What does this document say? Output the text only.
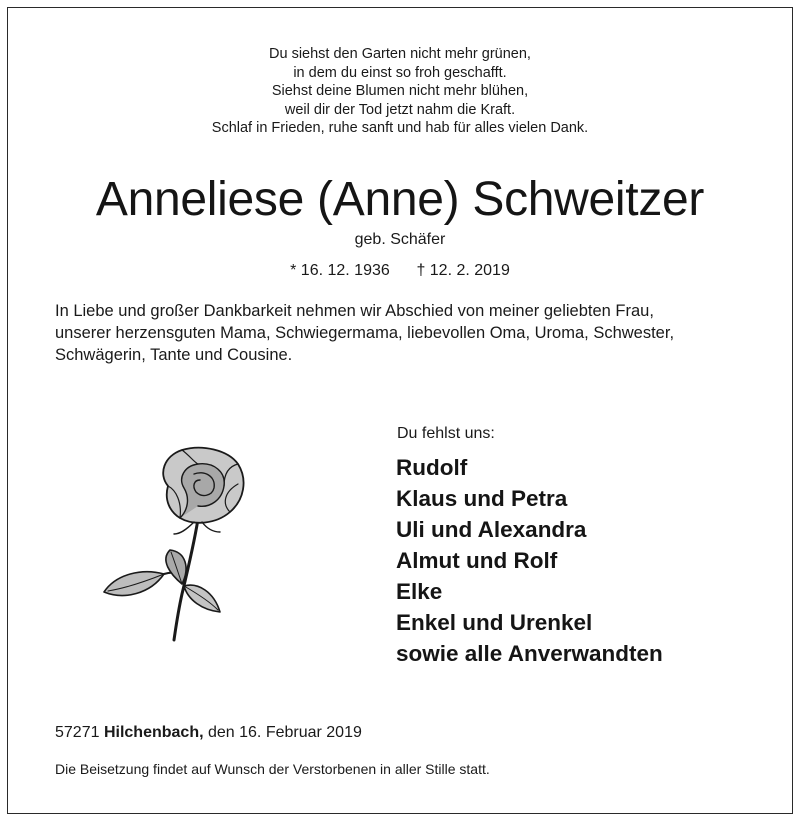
Du siehst den Garten nicht mehr grünen,
in dem du einst so froh geschafft.
Siehst deine Blumen nicht mehr blühen,
weil dir der Tod jetzt nahm die Kraft.
Schlaf in Frieden, ruhe sanft und hab für alles vielen Dank.
Anneliese (Anne) Schweitzer
geb. Schäfer
* 16. 12. 1936      † 12. 2. 2019
In Liebe und großer Dankbarkeit nehmen wir Abschied von meiner geliebten Frau,
unserer herzensguten Mama, Schwiegermama, liebevollen Oma, Uroma, Schwester,
Schwägerin, Tante und Cousine.
Du fehlst uns:
Rudolf
Klaus und Petra
Uli und Alexandra
Almut und Rolf
Elke
Enkel und Urenkel
sowie alle Anverwandten
57271 Hilchenbach, den 16. Februar 2019
Die Beisetzung findet auf Wunsch der Verstorbenen in aller Stille statt.
